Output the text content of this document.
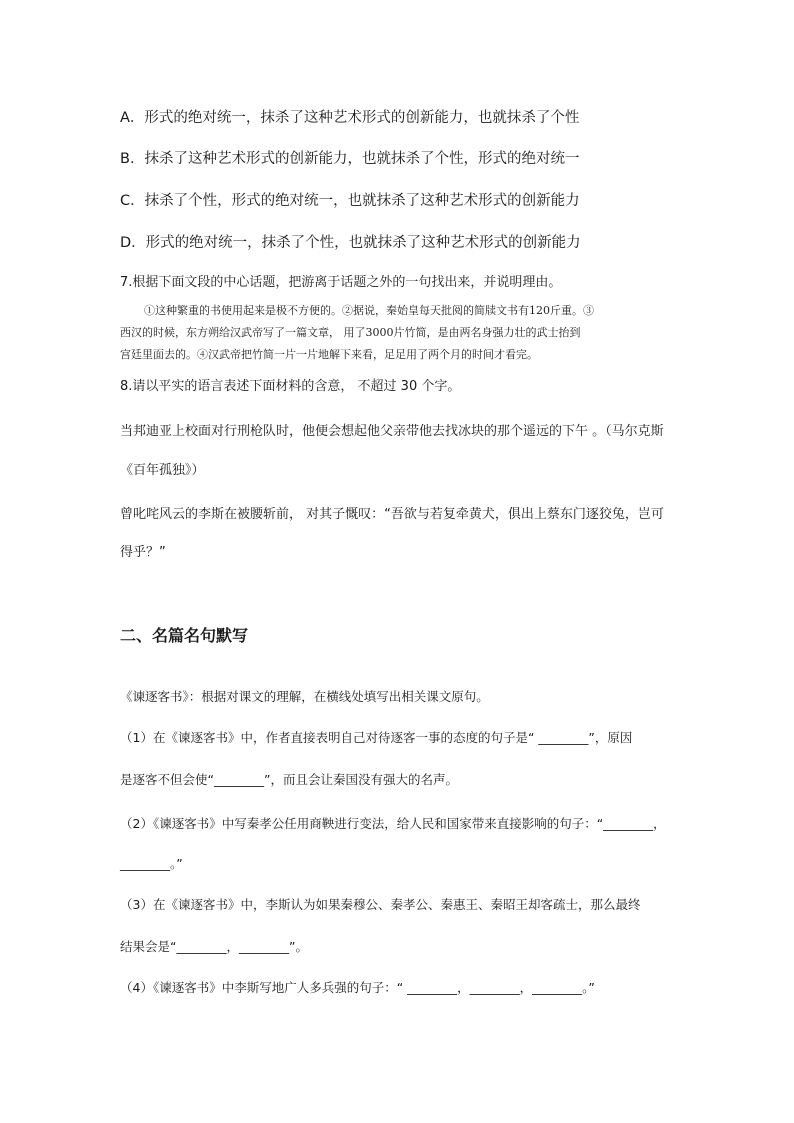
A．形式的绝对统一，抹杀了这种艺术形式的创新能力，也就抹杀了个性
B．抹杀了这种艺术形式的创新能力，也就抹杀了个性，形式的绝对统一
C．抹杀了个性，形式的绝对统一，也就抹杀了这种艺术形式的创新能力
D．形式的绝对统一，抹杀了个性，也就抹杀了这种艺术形式的创新能力
7.根据下面文段的中心话题，把游离于话题之外的一句找出来，并说明理由。

①这种繁重的书使用起来是极不方便的。②据说，秦始皇每天批阅的简牍文书有120斤重。③

西汉的时候，东方朔给汉武帝写了一篇文章， 用了3000片竹简，是由两名身强力壮的武士抬到

宫廷里面去的。④汉武帝把竹简一片一片地解下来看，足足用了两个月的时间才看完。

8.请以平实的语言表述下面材料的含意， 不超过 30 个字。
当邦迪亚上校面对行刑枪队时，他便会想起他父亲带他去找冰块的那个遥远的下午 。（马尔克斯
《百年孤独》）
曾叱咤风云的李斯在被腰斩前， 对其子慨叹：“吾欲与若复牵黄犬，俱出上蔡东门逐狡兔，岂可
得乎？”
二、名篇名句默写
《谏逐客书》：根据对课文的理解，在横线处填写出相关课文原句。
（1）在《谏逐客书》中，作者直接表明自己对待逐客一事的态度的句子是“ ________”，原因
是逐客不但会使“________”，而且会让秦国没有强大的名声。
（2）《谏逐客书》中写秦孝公任用商鞅进行变法，给人民和国家带来直接影响的句子：“________，
________。”
（3）在《谏逐客书》中，李斯认为如果秦穆公、秦孝公、秦惠王、秦昭王却客疏士，那么最终
结果会是“________，________”。
（4）《谏逐客书》中李斯写地广人多兵强的句子：“ ________，________，________。”
